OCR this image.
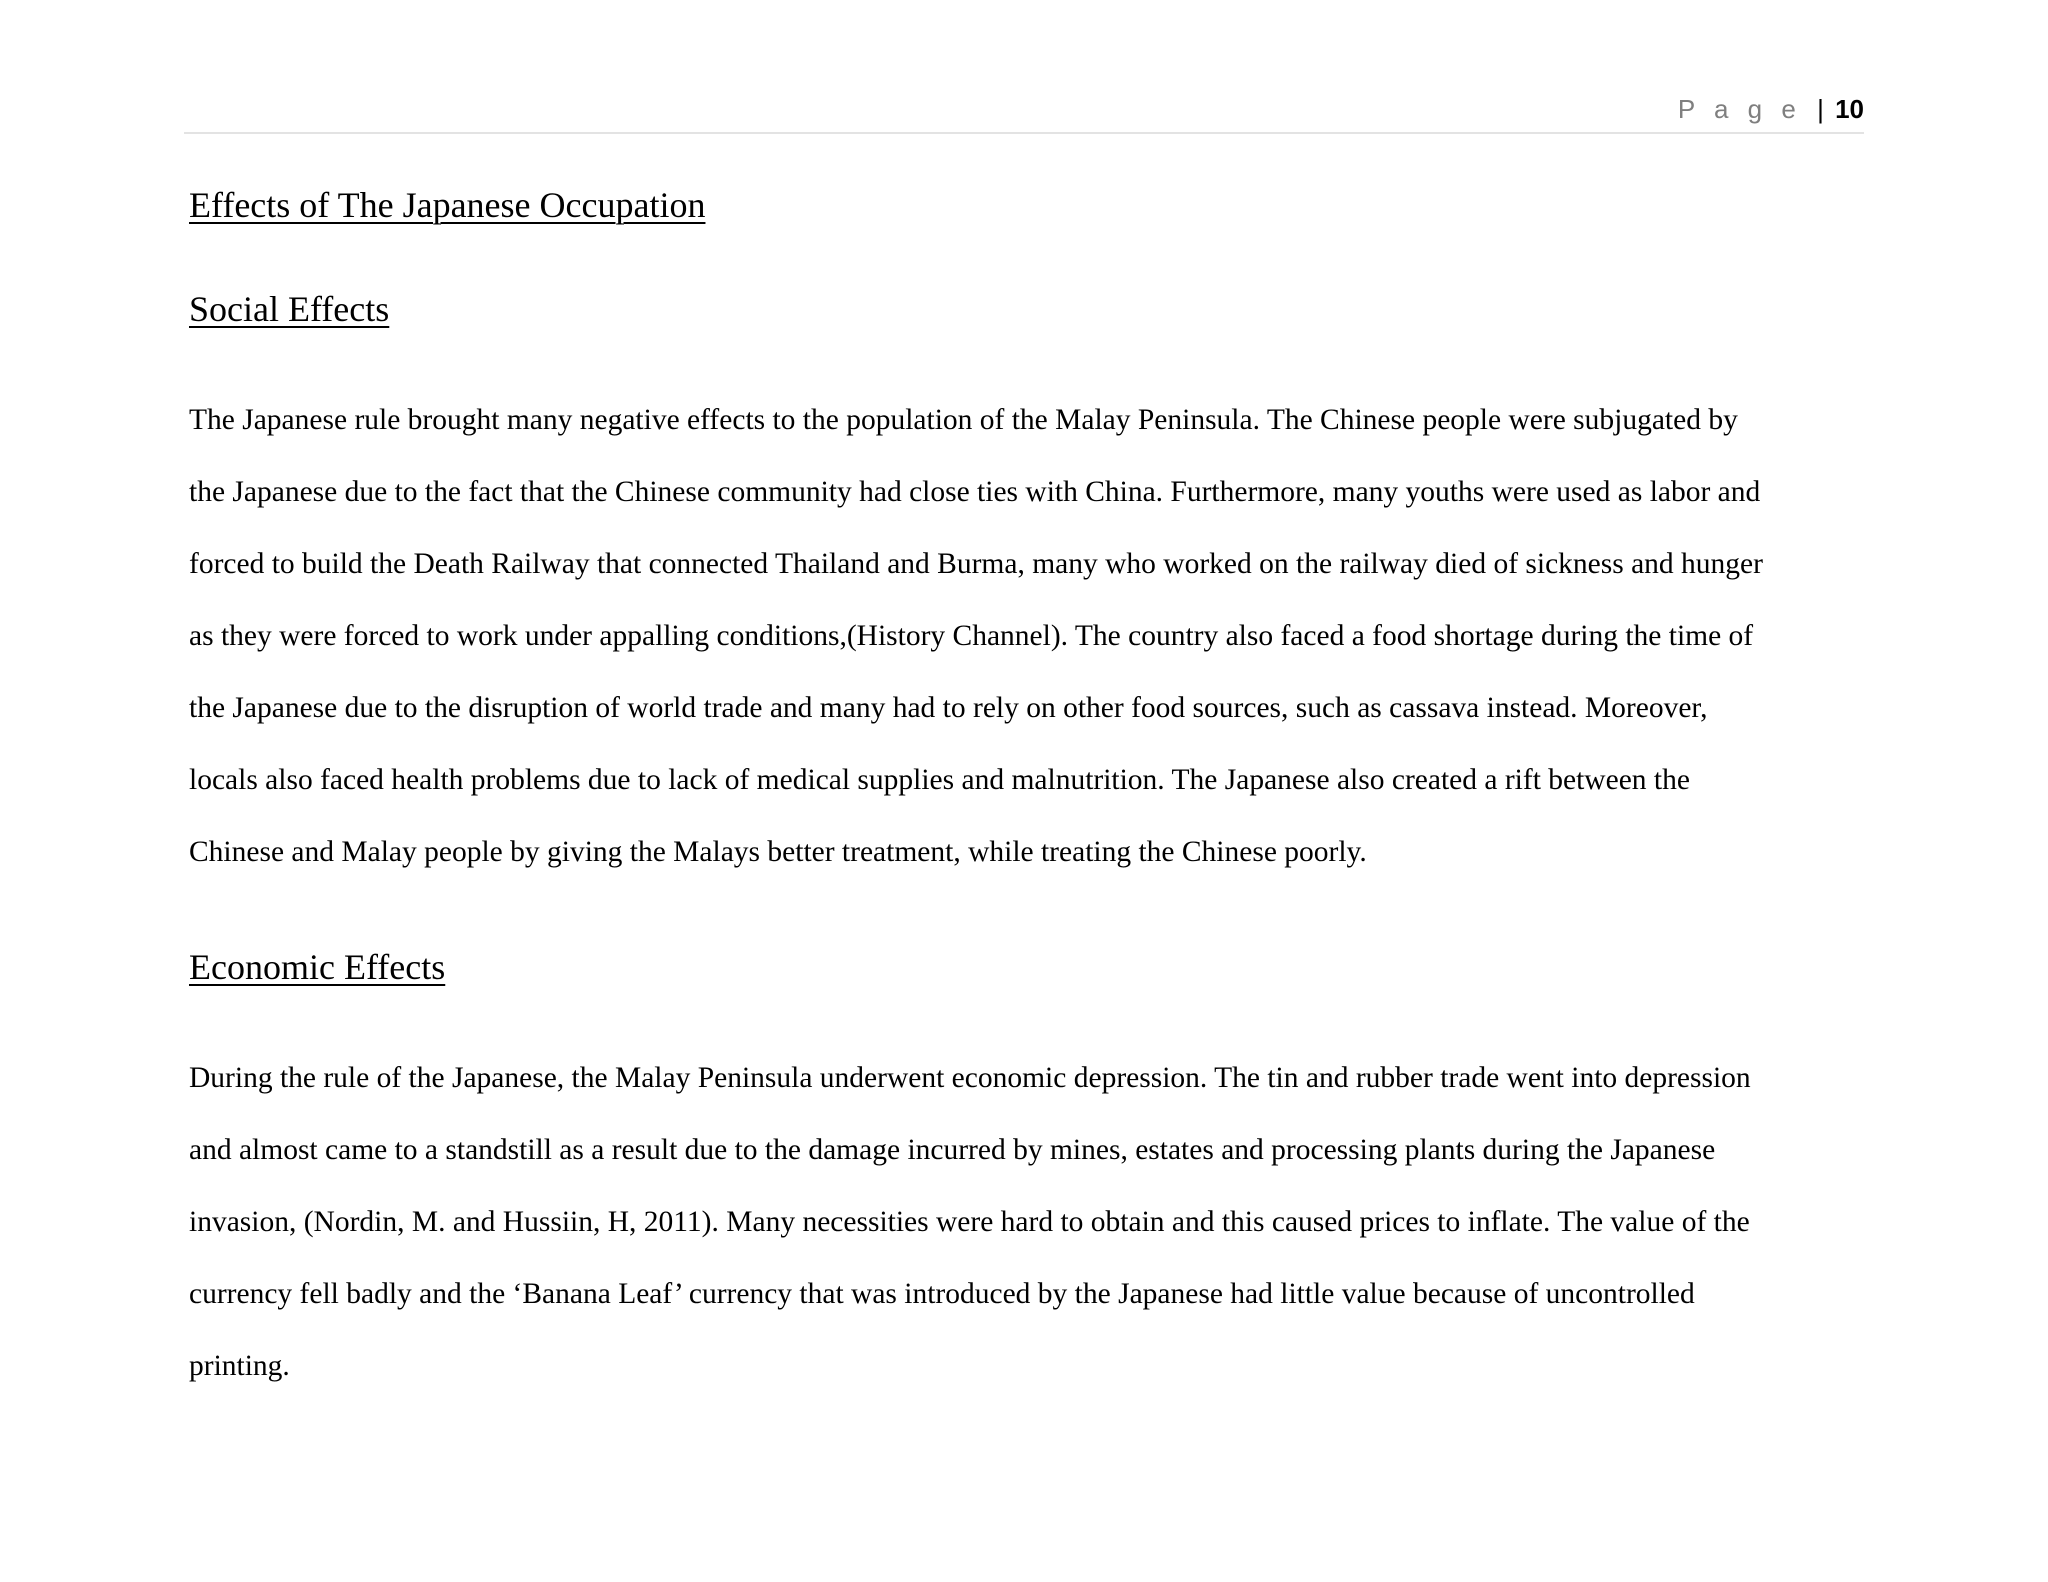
P a g e | 10
Effects of The Japanese Occupation
Social Effects

The Japanese rule brought many negative effects to the population of the Malay Peninsula. The Chinese people were subjugated by
the Japanese due to the fact that the Chinese community had close ties with China. Furthermore, many youths were used as labor and
forced to build the Death Railway that connected Thailand and Burma, many who worked on the railway died of sickness and hunger
as they were forced to work under appalling conditions,(History Channel). The country also faced a food shortage during the time of
the Japanese due to the disruption of world trade and many had to rely on other food sources, such as cassava instead. Moreover,
locals also faced health problems due to lack of medical supplies and malnutrition. The Japanese also created a rift between the
Chinese and Malay people by giving the Malays better treatment, while treating the Chinese poorly.

Economic Effects

During the rule of the Japanese, the Malay Peninsula underwent economic depression. The tin and rubber trade went into depression
and almost came to a standstill as a result due to the damage incurred by mines, estates and processing plants during the Japanese
invasion, (Nordin, M. and Hussiin, H, 2011). Many necessities were hard to obtain and this caused prices to inflate. The value of the
currency fell badly and the ‘Banana Leaf’ currency that was introduced by the Japanese had little value because of uncontrolled
printing.
